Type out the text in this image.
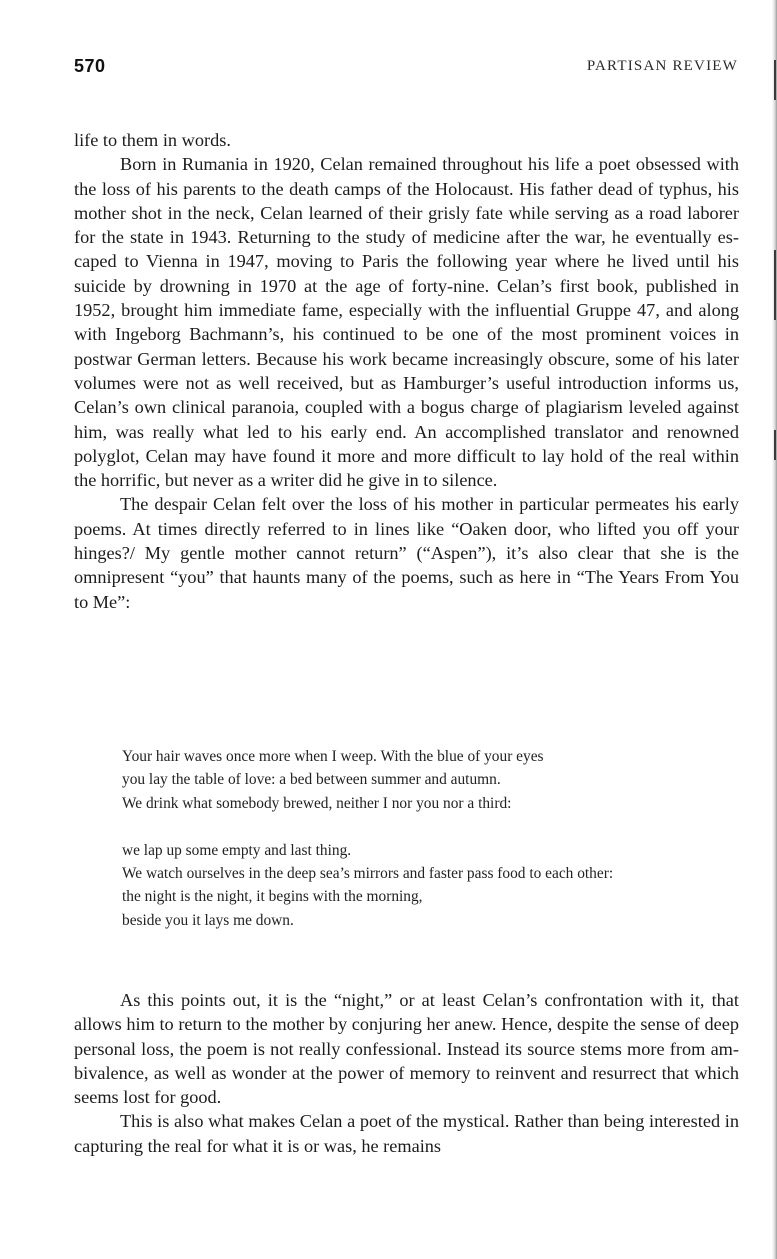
570	PARTISAN REVIEW

life to them in words.

Born in Rumania in 1920, Celan remained throughout his life a poet obsessed with the loss of his parents to the death camps of the Holocaust. His father dead of typhus, his mother shot in the neck, Celan learned of their grisly fate while serving as a road laborer for the state in 1943. Returning to the study of medicine after the war, he eventually escaped to Vienna in 1947, moving to Paris the following year where he lived until his suicide by drowning in 1970 at the age of forty-nine. Celan’s first book, published in 1952, brought him immediate fame, especially with the influential Gruppe 47, and along with Ingeborg Bachmann’s, his continued to be one of the most prominent voices in postwar German letters. Because his work became increasingly obscure, some of his later volumes were not as well received, but as Hamburger’s useful introduction informs us, Celan’s own clinical paranoia, coupled with a bogus charge of plagiarism leveled against him, was really what led to his early end. An accomplished translator and renowned polyglot, Celan may have found it more and more difficult to lay hold of the real within the horrific, but never as a writer did he give in to silence.

The despair Celan felt over the loss of his mother in particular permeates his early poems. At times directly referred to in lines like “Oaken door, who lifted you off your hinges?/ My gentle mother cannot return” (“Aspen”), it’s also clear that she is the omnipresent “you” that haunts many of the poems, such as here in “The Years From You to Me”:

Your hair waves once more when I weep. With the blue of your eyes
you lay the table of love: a bed between summer and autumn.
We drink what somebody brewed, neither I nor you nor a third:
we lap up some empty and last thing.
We watch ourselves in the deep sea’s mirrors and faster pass food to each other:
the night is the night, it begins with the morning,
beside you it lays me down.

As this points out, it is the “night,” or at least Celan’s confrontation with it, that allows him to return to the mother by conjuring her anew. Hence, despite the sense of deep personal loss, the poem is not really confessional. Instead its source stems more from ambivalence, as well as wonder at the power of memory to reinvent and resurrect that which seems lost for good.

This is also what makes Celan a poet of the mystical. Rather than being interested in capturing the real for what it is or was, he remains
